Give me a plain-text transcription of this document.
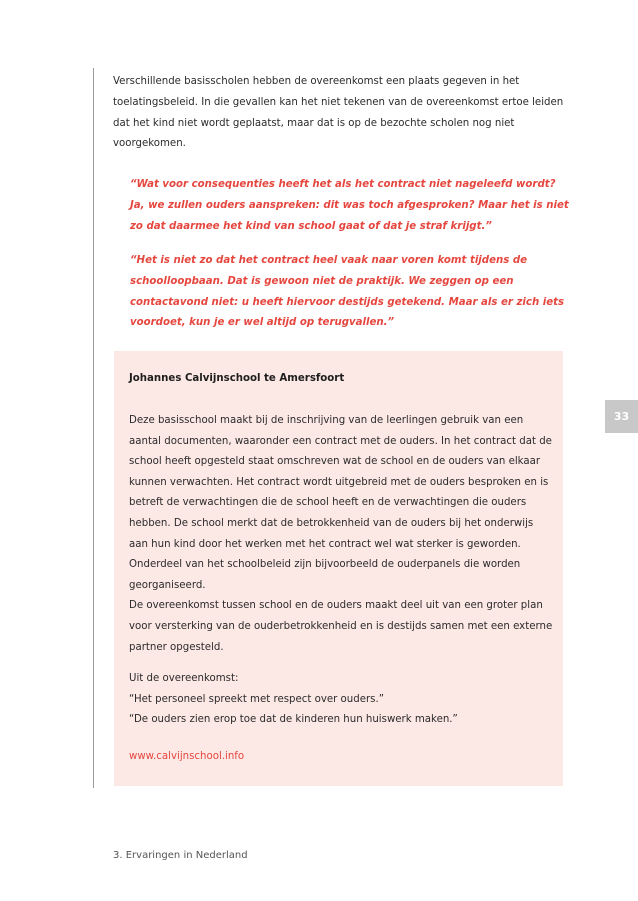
Verschillende basisscholen hebben de overeenkomst een plaats gegeven in het toelatingsbeleid. In die gevallen kan het niet tekenen van de overeenkomst ertoe leiden dat het kind niet wordt geplaatst, maar dat is op de bezochte scholen nog niet voorgekomen.

“Wat voor consequenties heeft het als het contract niet nageleefd wordt? Ja, we zullen ouders aanspreken: dit was toch afgesproken? Maar het is niet zo dat daarmee het kind van school gaat of dat je straf krijgt.”

“Het is niet zo dat het contract heel vaak naar voren komt tijdens de schoolloopbaan. Dat is gewoon niet de praktijk. We zeggen op een contactavond niet: u heeft hiervoor destijds getekend. Maar als er zich iets voordoet, kun je er wel altijd op terugvallen.”

Johannes Calvijnschool te Amersfoort

Deze basisschool maakt bij de inschrijving van de leerlingen gebruik van een aantal documenten, waaronder een contract met de ouders. In het contract dat de school heeft opgesteld staat omschreven wat de school en de ouders van elkaar kunnen verwachten. Het contract wordt uitgebreid met de ouders besproken en is betreft de verwachtingen die de school heeft en de verwachtingen die ouders hebben. De school merkt dat de betrokkenheid van de ouders bij het onderwijs aan hun kind door het werken met het contract wel wat sterker is geworden. Onderdeel van het schoolbeleid zijn bijvoorbeeld de ouderpanels die worden georganiseerd.
De overeenkomst tussen school en de ouders maakt deel uit van een groter plan voor versterking van de ouderbetrokkenheid en is destijds samen met een externe partner opgesteld.
Uit de overeenkomst:
“Het personeel spreekt met respect over ouders.”
“De ouders zien erop toe dat de kinderen hun huiswerk maken.”
www.calvijnschool.info
33
3. Ervaringen in Nederland
